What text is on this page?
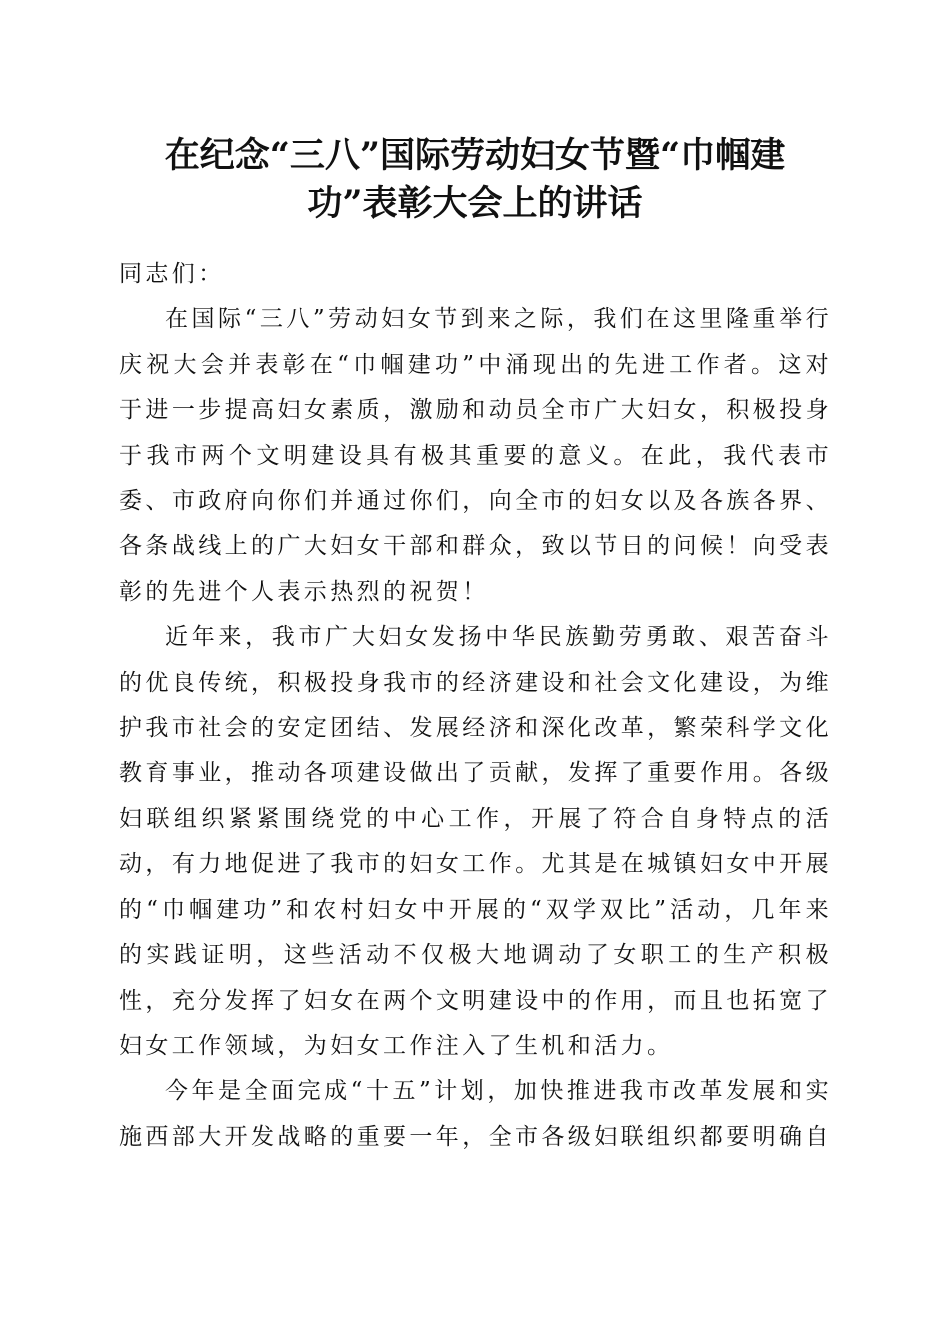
在纪念“三八”国际劳动妇女节暨“巾帼建
功”表彰大会上的讲话

同志们：

在国际“三八”劳动妇女节到来之际，我们在这里隆重举行庆祝大会并表彰在“巾帼建功”中涌现出的先进工作者。这对于进一步提高妇女素质，激励和动员全市广大妇女，积极投身于我市两个文明建设具有极其重要的意义。在此，我代表市委、市政府向你们并通过你们，向全市的妇女以及各族各界、各条战线上的广大妇女干部和群众，致以节日的问候！向受表彰的先进个人表示热烈的祝贺！

近年来，我市广大妇女发扬中华民族勤劳勇敢、艰苦奋斗的优良传统，积极投身我市的经济建设和社会文化建设，为维护我市社会的安定团结、发展经济和深化改革，繁荣科学文化教育事业，推动各项建设做出了贡献，发挥了重要作用。各级妇联组织紧紧围绕党的中心工作，开展了符合自身特点的活动，有力地促进了我市的妇女工作。尤其是在城镇妇女中开展的“巾帼建功”和农村妇女中开展的“双学双比”活动，几年来的实践证明，这些活动不仅极大地调动了女职工的生产积极性，充分发挥了妇女在两个文明建设中的作用，而且也拓宽了妇女工作领域，为妇女工作注入了生机和活力。

今年是全面完成“十五”计划，加快推进我市改革发展和实施西部大开发战略的重要一年，全市各级妇联组织都要明确自
